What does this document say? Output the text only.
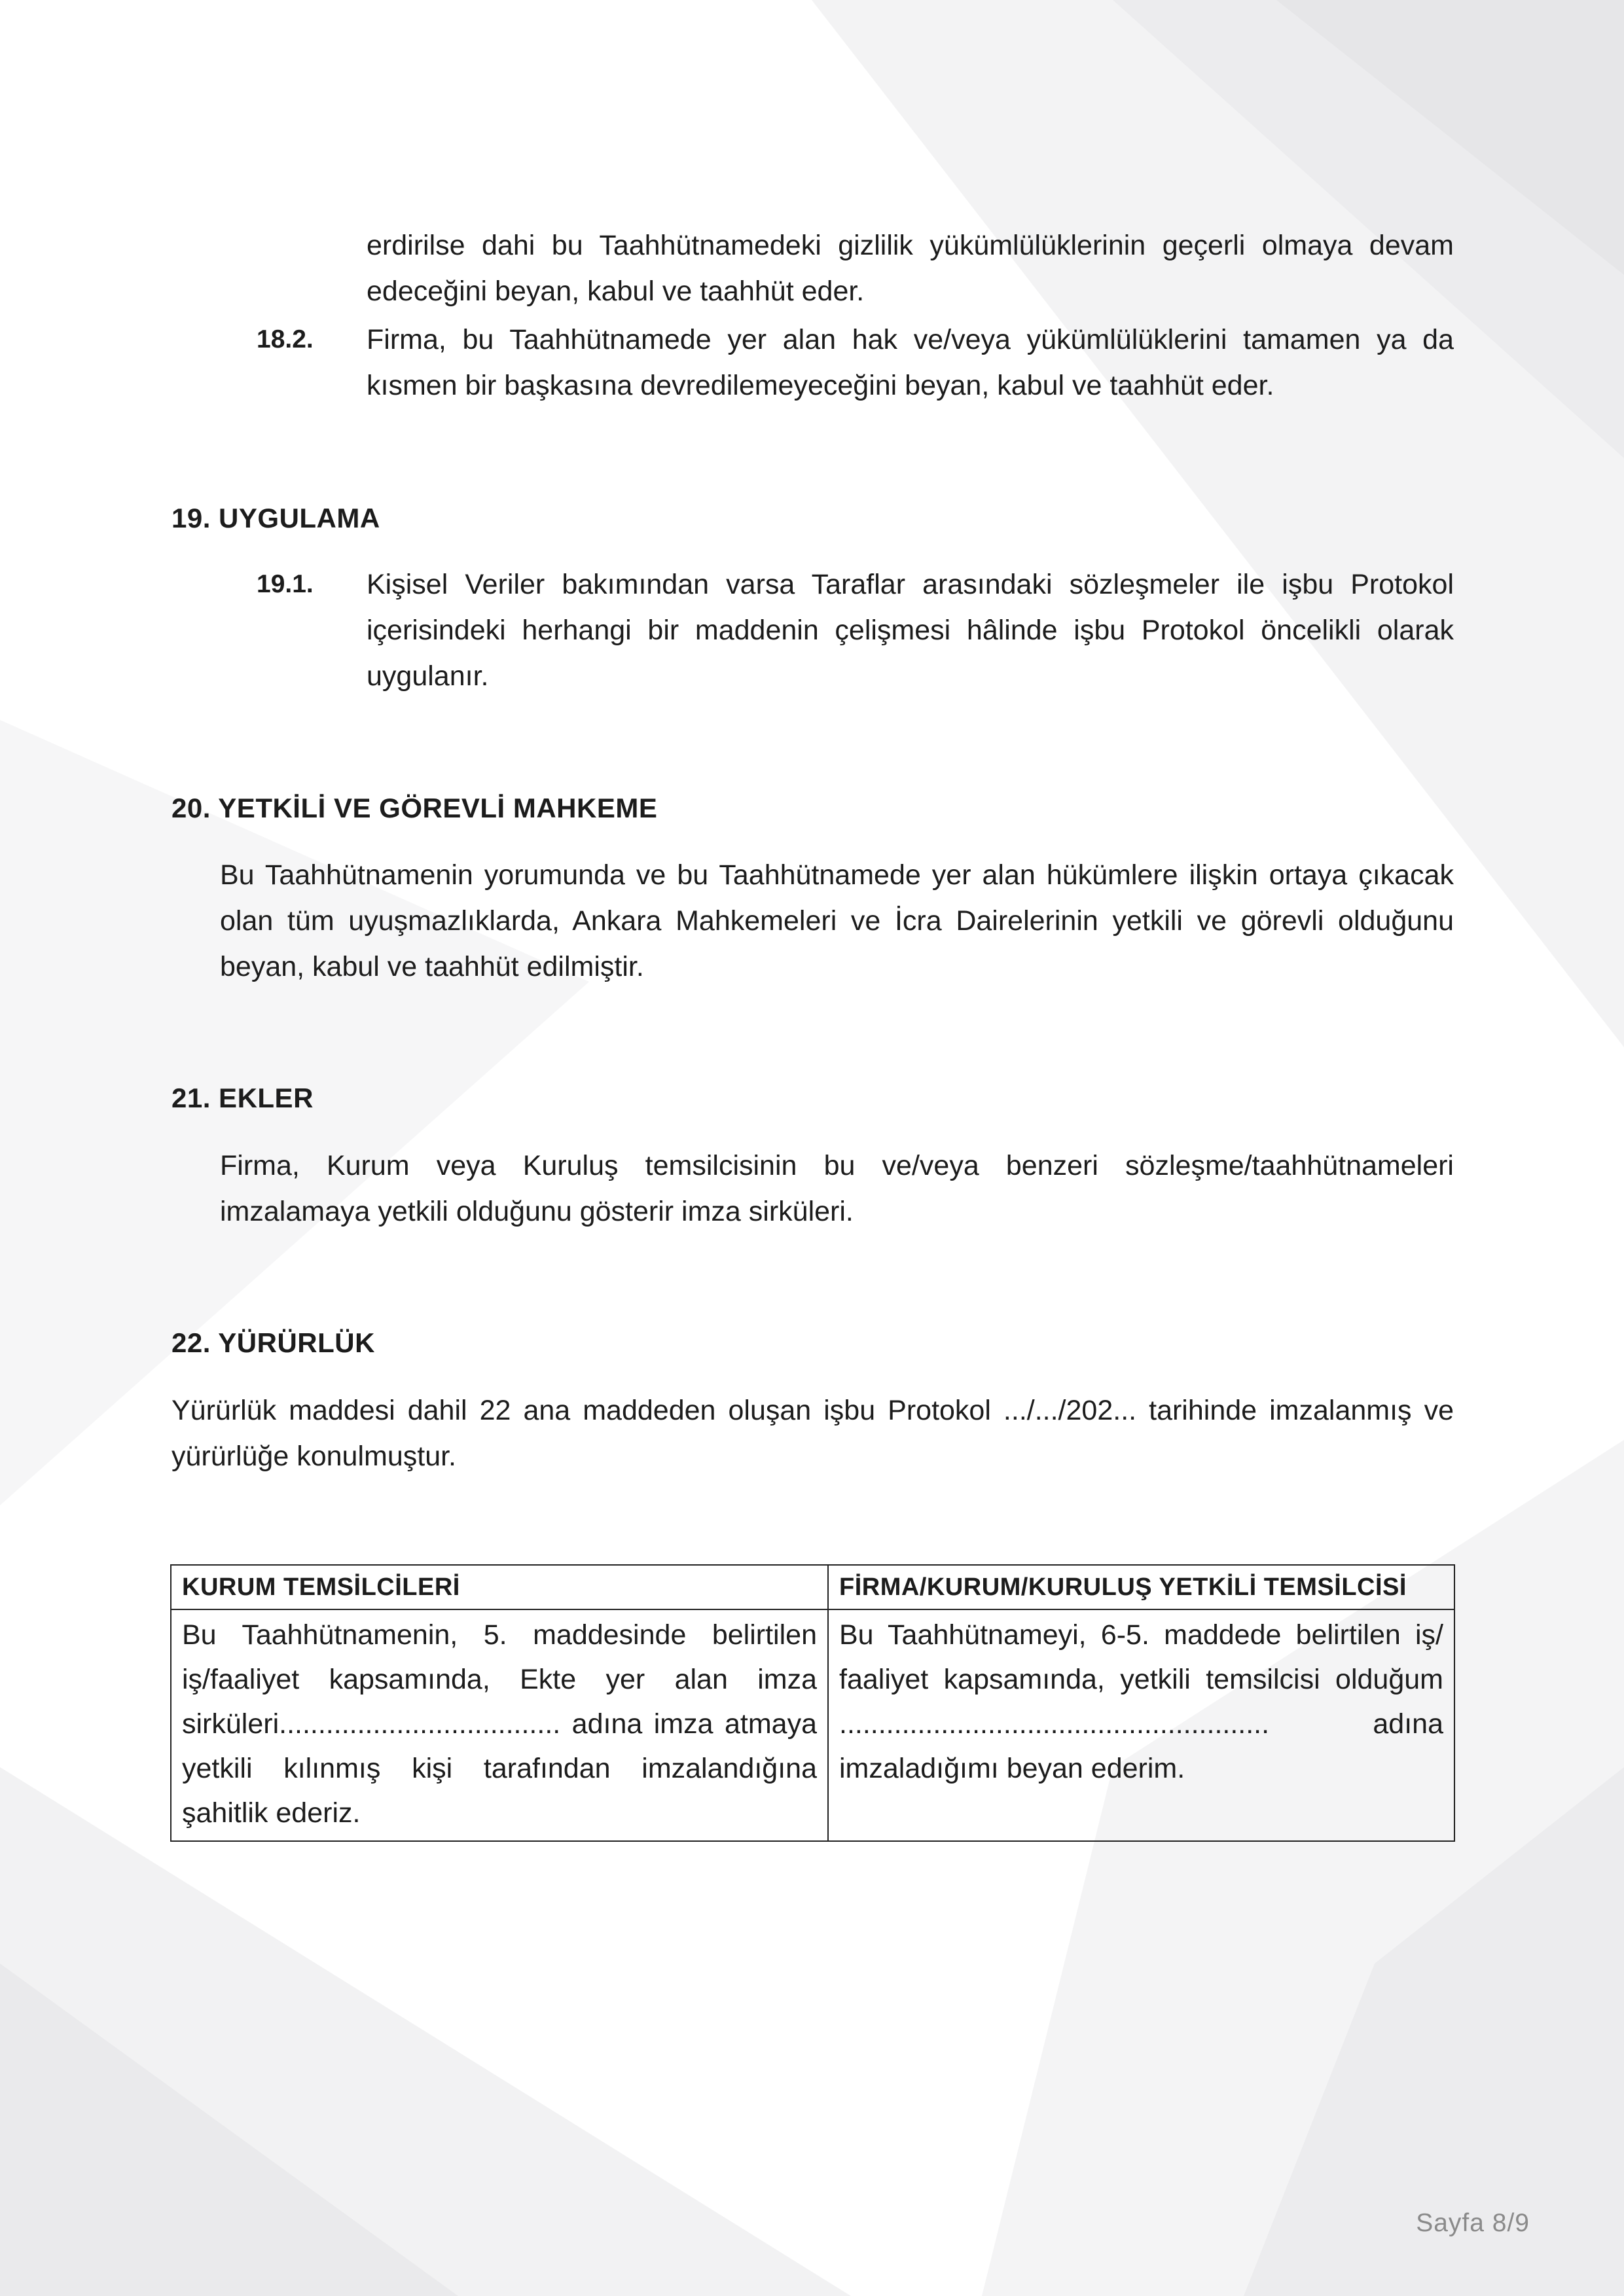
erdirilse dahi bu Taahhütnamedeki gizlilik yükümlülüklerinin geçerli olmaya devam edeceğini beyan, kabul ve taahhüt eder.
18.2. Firma, bu Taahhütnamede yer alan hak ve/veya yükümlülüklerini tamamen ya da kısmen bir başkasına devredilemeyeceğini beyan, kabul ve taahhüt eder.
19. UYGULAMA
19.1. Kişisel Veriler bakımından varsa Taraflar arasındaki sözleşmeler ile işbu Protokol içerisindeki herhangi bir maddenin çelişmesi hâlinde işbu Protokol öncelikli olarak uygulanır.
20. YETKİLİ VE GÖREVLİ MAHKEME
Bu Taahhütnamenin yorumunda ve bu Taahhütnamede yer alan hükümlere ilişkin ortaya çıkacak olan tüm uyuşmazlıklarda, Ankara Mahkemeleri ve İcra Dairelerinin yetkili ve görevli olduğunu beyan, kabul ve taahhüt edilmiştir.
21. EKLER
Firma, Kurum veya Kuruluş temsilcisinin bu ve/veya benzeri sözleşme/taahhütnameleri imzalamaya yetkili olduğunu gösterir imza sirküleri.
22. YÜRÜRLÜK
Yürürlük maddesi dahil 22 ana maddeden oluşan işbu Protokol .../.../202... tarihinde imzalanmış ve yürürlüğe konulmuştur.
KURUM TEMSİLCİLERİ	FİRMA/KURUM/KURULUŞ YETKİLİ TEMSİLCİSİ
Bu Taahhütnamenin, 5. maddesinde belirtilen iş/faaliyet kapsamında, Ekte yer alan imza sirküleri.................................... adına imza atmaya yetkili kılınmış kişi tarafından imzalandığına şahitlik ederiz.	Bu Taahhütnameyi, 6-5. maddede belirtilen iş/ faaliyet kapsamında, yetkili temsilcisi olduğum ....................................................... adına imzaladığımı beyan ederim.
Sayfa 8/9
